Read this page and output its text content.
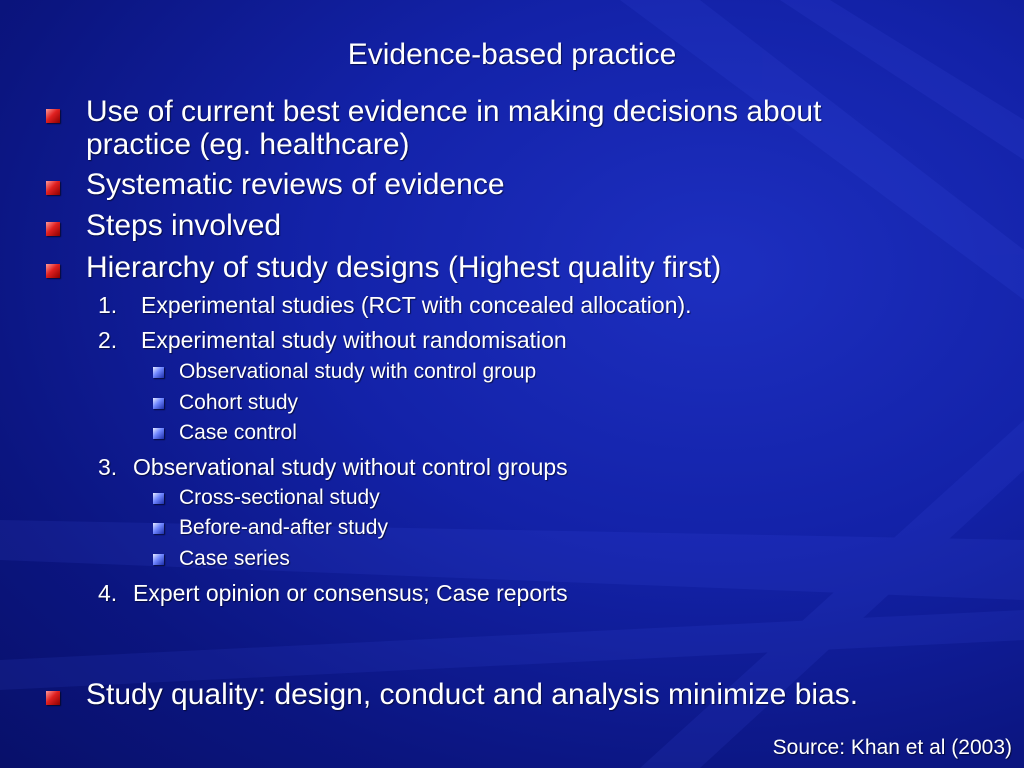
Evidence-based practice
Use of current best evidence in making decisions about
practice (eg. healthcare)
Systematic reviews of evidence
Steps involved
Hierarchy of study designs (Highest quality first)
1. Experimental studies (RCT with concealed allocation).
2. Experimental study without randomisation
Observational study with control group
Cohort study
Case control
3. Observational study without control groups
Cross-sectional study
Before-and-after study
Case series
4. Expert opinion or consensus; Case reports
Study quality: design, conduct and analysis minimize bias.
Source: Khan et al (2003)
